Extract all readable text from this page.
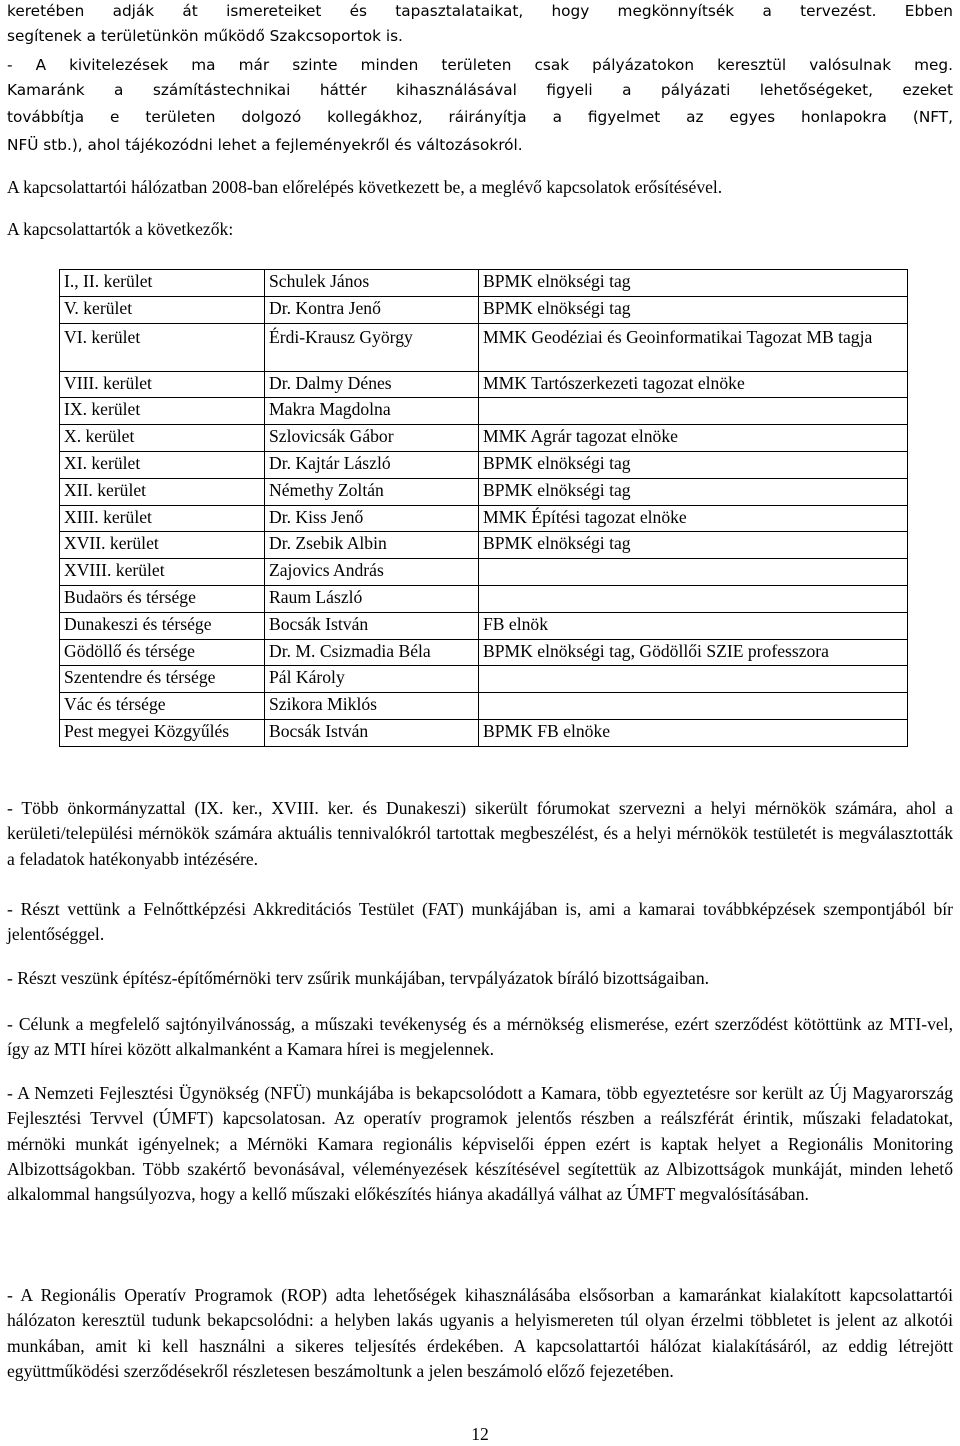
keretében adják át ismereteiket és tapasztalataikat, hogy megkönnyítsék a tervezést. Ebben
segítenek a területünkön működő Szakcsoportok is.
- A kivitelezések ma már szinte minden területen csak pályázatokon keresztül valósulnak meg.
Kamaránk a számítástechnikai háttér kihasználásával figyeli a pályázati lehetőségeket, ezeket
továbbítja e területen dolgozó kollegákhoz, ráirányítja a figyelmet az egyes honlapokra (NFT,
NFÜ stb.), ahol tájékozódni lehet a fejleményekről és változásokról.
A kapcsolattartói hálózatban 2008-ban előrelépés következett be, a meglévő kapcsolatok erősítésével.
A kapcsolattartók a következők:
I., II. kerület	Schulek János	BPMK elnökségi tag
V. kerület	Dr. Kontra Jenő	BPMK elnökségi tag
VI. kerület	Érdi-Krausz György	MMK Geodéziai és Geoinformatikai Tagozat MB tagja
VIII. kerület	Dr. Dalmy Dénes	MMK Tartószerkezeti tagozat elnöke
IX. kerület	Makra Magdolna	
X. kerület	Szlovicsák Gábor	MMK Agrár tagozat elnöke
XI. kerület	Dr. Kajtár László	BPMK elnökségi tag
XII. kerület	Némethy Zoltán	BPMK elnökségi tag
XIII. kerület	Dr. Kiss Jenő	MMK Építési tagozat elnöke
XVII. kerület	Dr. Zsebik Albin	BPMK elnökségi tag
XVIII. kerület	Zajovics András	
Budaörs és térsége	Raum László	
Dunakeszi és térsége	Bocsák István	FB elnök
Gödöllő és térsége	Dr. M. Csizmadia Béla	BPMK elnökségi tag, Gödöllői SZIE professzora
Szentendre és térsége	Pál Károly	
Vác és térsége	Szikora Miklós	
Pest megyei Közgyűlés	Bocsák István	BPMK FB elnöke
- Több önkormányzattal (IX. ker., XVIII. ker. és Dunakeszi) sikerült fórumokat szervezni a helyi mérnökök számára, ahol a kerületi/települési mérnökök számára aktuális tennivalókról tartottak megbeszélést, és a helyi mérnökök testületét is megválasztották a feladatok hatékonyabb intézésére.
- Részt vettünk a Felnőttképzési Akkreditációs Testület (FAT) munkájában is, ami a kamarai továbbképzések szempontjából bír jelentőséggel.
- Részt veszünk építész-építőmérnöki terv zsűrik munkájában, tervpályázatok bíráló bizottságaiban.
- Célunk a megfelelő sajtónyilvánosság, a műszaki tevékenység és a mérnökség elismerése, ezért szerződést kötöttünk az MTI-vel, így az MTI hírei között alkalmanként a Kamara hírei is megjelennek.
- A Nemzeti Fejlesztési Ügynökség (NFÜ) munkájába is bekapcsolódott a Kamara, több egyeztetésre sor került az Új Magyarország Fejlesztési Tervvel (ÚMFT) kapcsolatosan. Az operatív programok jelentős részben a reálszférát érintik, műszaki feladatokat, mérnöki munkát igényelnek; a Mérnöki Kamara regionális képviselői éppen ezért is kaptak helyet a Regionális Monitoring Albizottságokban. Több szakértő bevonásával, véleményezések készítésével segítettük az Albizottságok munkáját, minden lehető alkalommal hangsúlyozva, hogy a kellő műszaki előkészítés hiánya akadállyá válhat az ÚMFT megvalósításában.
- A Regionális Operatív Programok (ROP) adta lehetőségek kihasználásába elsősorban a kamaránkat kialakított kapcsolattartói hálózaton keresztül tudunk bekapcsolódni: a helyben lakás ugyanis a helyismereten túl olyan érzelmi többletet is jelent az alkotói munkában, amit ki kell használni a sikeres teljesítés érdekében. A kapcsolattartói hálózat kialakításáról, az eddig létrejött együttműködési szerződésekről részletesen beszámoltunk a jelen beszámoló előző fejezetében.
12
